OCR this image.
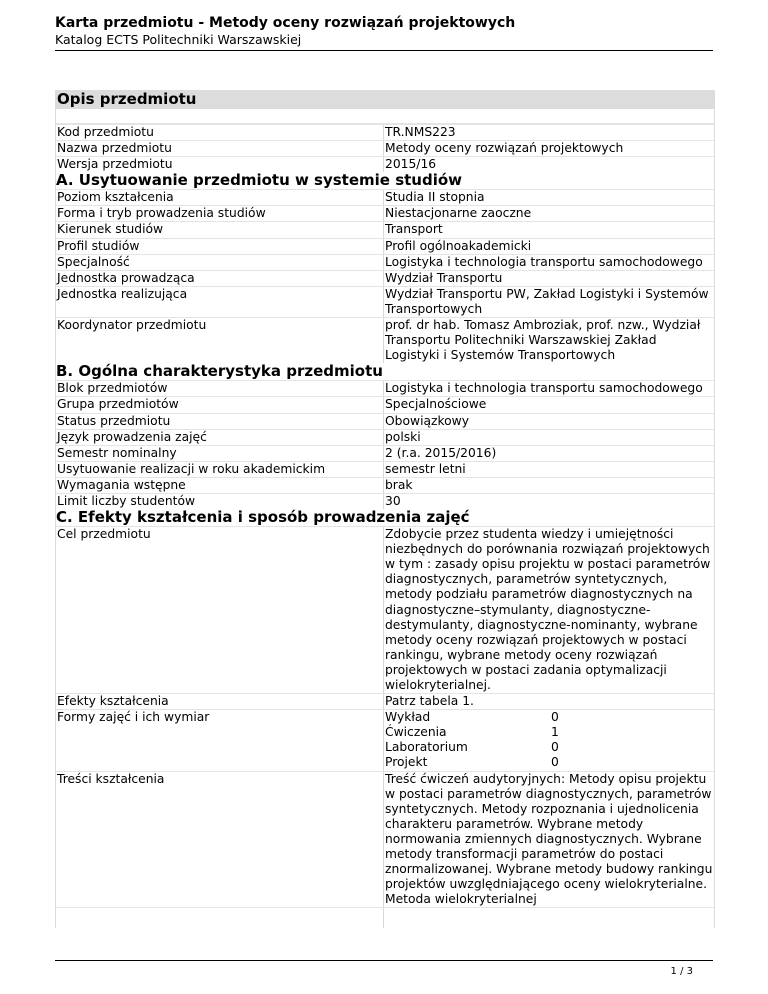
Karta przedmiotu - Metody oceny rozwiązań projektowych
Katalog ECTS Politechniki Warszawskiej
Opis przedmiotu
Kod przedmiotu	TR.NMS223
Nazwa przedmiotu	Metody oceny rozwiązań projektowych
Wersja przedmiotu	2015/16
A. Usytuowanie przedmiotu w systemie studiów
Poziom kształcenia	Studia II stopnia
Forma i tryb prowadzenia studiów	Niestacjonarne zaoczne
Kierunek studiów	Transport
Profil studiów	Profil ogólnoakademicki
Specjalność	Logistyka i technologia transportu samochodowego
Jednostka prowadząca	Wydział Transportu
Jednostka realizująca	Wydział Transportu PW, Zakład Logistyki i Systemów Transportowych
Koordynator przedmiotu	prof. dr hab. Tomasz Ambroziak, prof. nzw., Wydział Transportu Politechniki Warszawskiej Zakład Logistyki i Systemów Transportowych
B. Ogólna charakterystyka przedmiotu
Blok przedmiotów	Logistyka i technologia transportu samochodowego
Grupa przedmiotów	Specjalnościowe
Status przedmiotu	Obowiązkowy
Język prowadzenia zajęć	polski
Semestr nominalny	2 (r.a. 2015/2016)
Usytuowanie realizacji w roku akademickim	semestr letni
Wymagania wstępne	brak
Limit liczby studentów	30
C. Efekty kształcenia i sposób prowadzenia zajęć
Cel przedmiotu	Zdobycie przez studenta wiedzy i umiejętności niezbędnych do porównania rozwiązań projektowych w tym : zasady opisu projektu w postaci parametrów diagnostycznych, parametrów syntetycznych, metody podziału parametrów diagnostycznych na diagnostyczne–stymulanty, diagnostyczne-destymulanty, diagnostyczne-nominanty, wybrane metody oceny rozwiązań projektowych w postaci rankingu, wybrane metody oceny rozwiązań projektowych w postaci zadania optymalizacji wielokryterialnej.
Efekty kształcenia	Patrz tabela 1.
Formy zajęć i ich wymiar	Wykład	0
Ćwiczenia	1
Laboratorium	0
Projekt	0
Treści kształcenia	Treść ćwiczeń audytoryjnych: Metody opisu projektu w postaci parametrów diagnostycznych, parametrów syntetycznych. Metody rozpoznania i ujednolicenia charakteru parametrów. Wybrane metody normowania zmiennych diagnostycznych. Wybrane metody transformacji parametrów do postaci znormalizowanej. Wybrane metody budowy rankingu projektów uwzględniającego oceny wielokryterialne. Metoda wielokryterialnej
1 / 3
